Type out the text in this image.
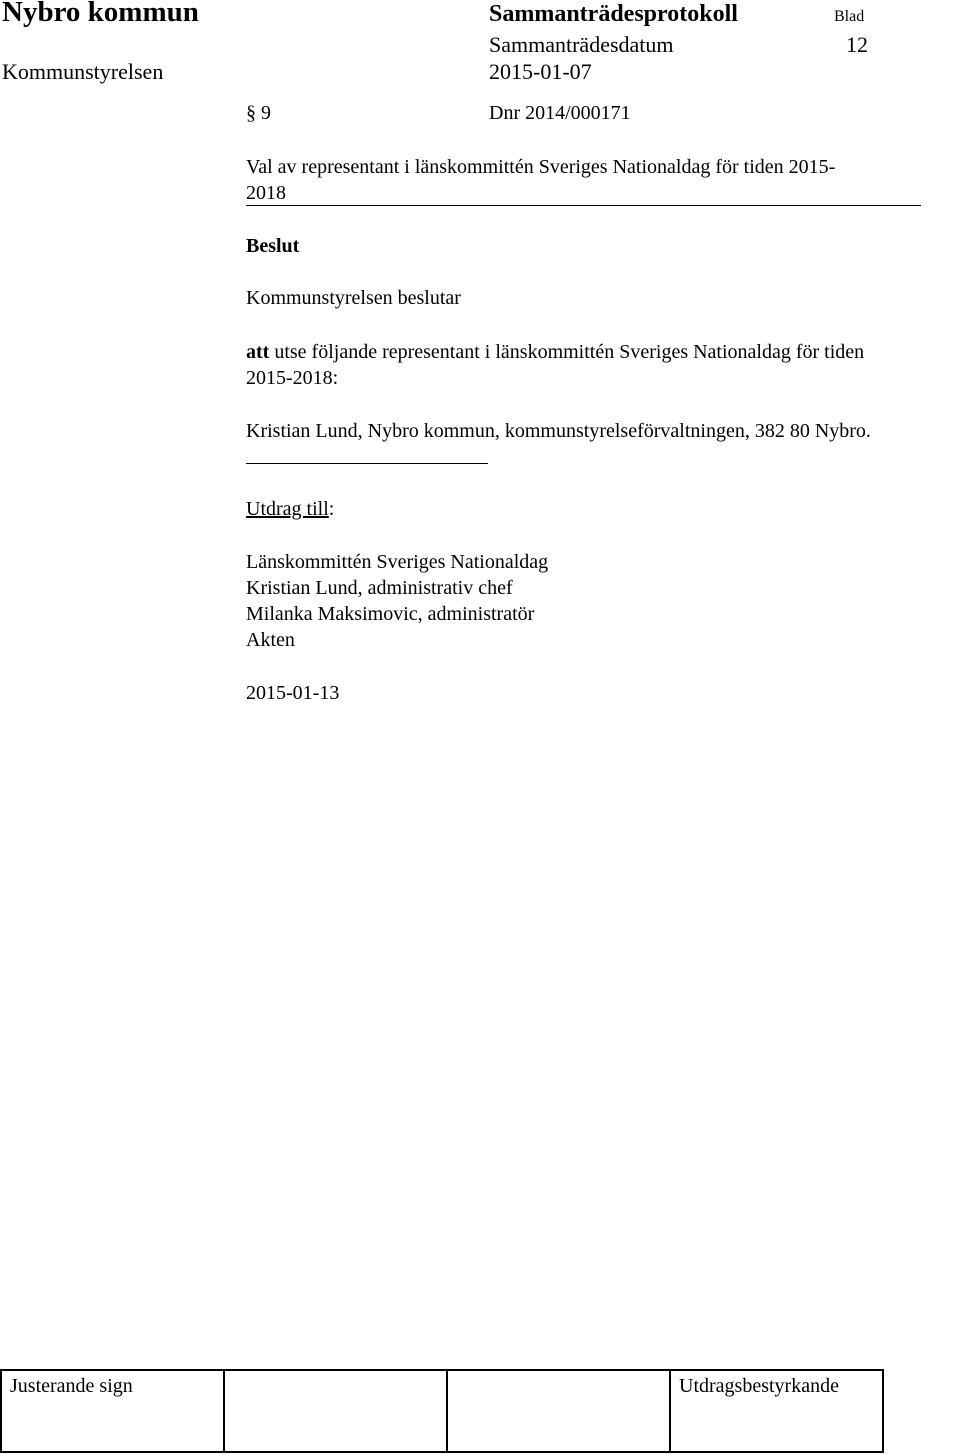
Nybro kommun	Sammanträdesprotokoll	Blad
Sammanträdesdatum	12
Kommunstyrelsen	2015-01-07
§ 9	Dnr 2014/000171
Val av representant i länskommittén Sveriges Nationaldag för tiden 2015-
2018
Beslut
Kommunstyrelsen beslutar
att utse följande representant i länskommittén Sveriges Nationaldag för tiden
2015-2018:
Kristian Lund, Nybro kommun, kommunstyrelseförvaltningen, 382 80 Nybro.
Utdrag till:
Länskommittén Sveriges Nationaldag
Kristian Lund, administrativ chef
Milanka Maksimovic, administratör
Akten
2015-01-13
Justerande sign			Utdragsbestyrkande
